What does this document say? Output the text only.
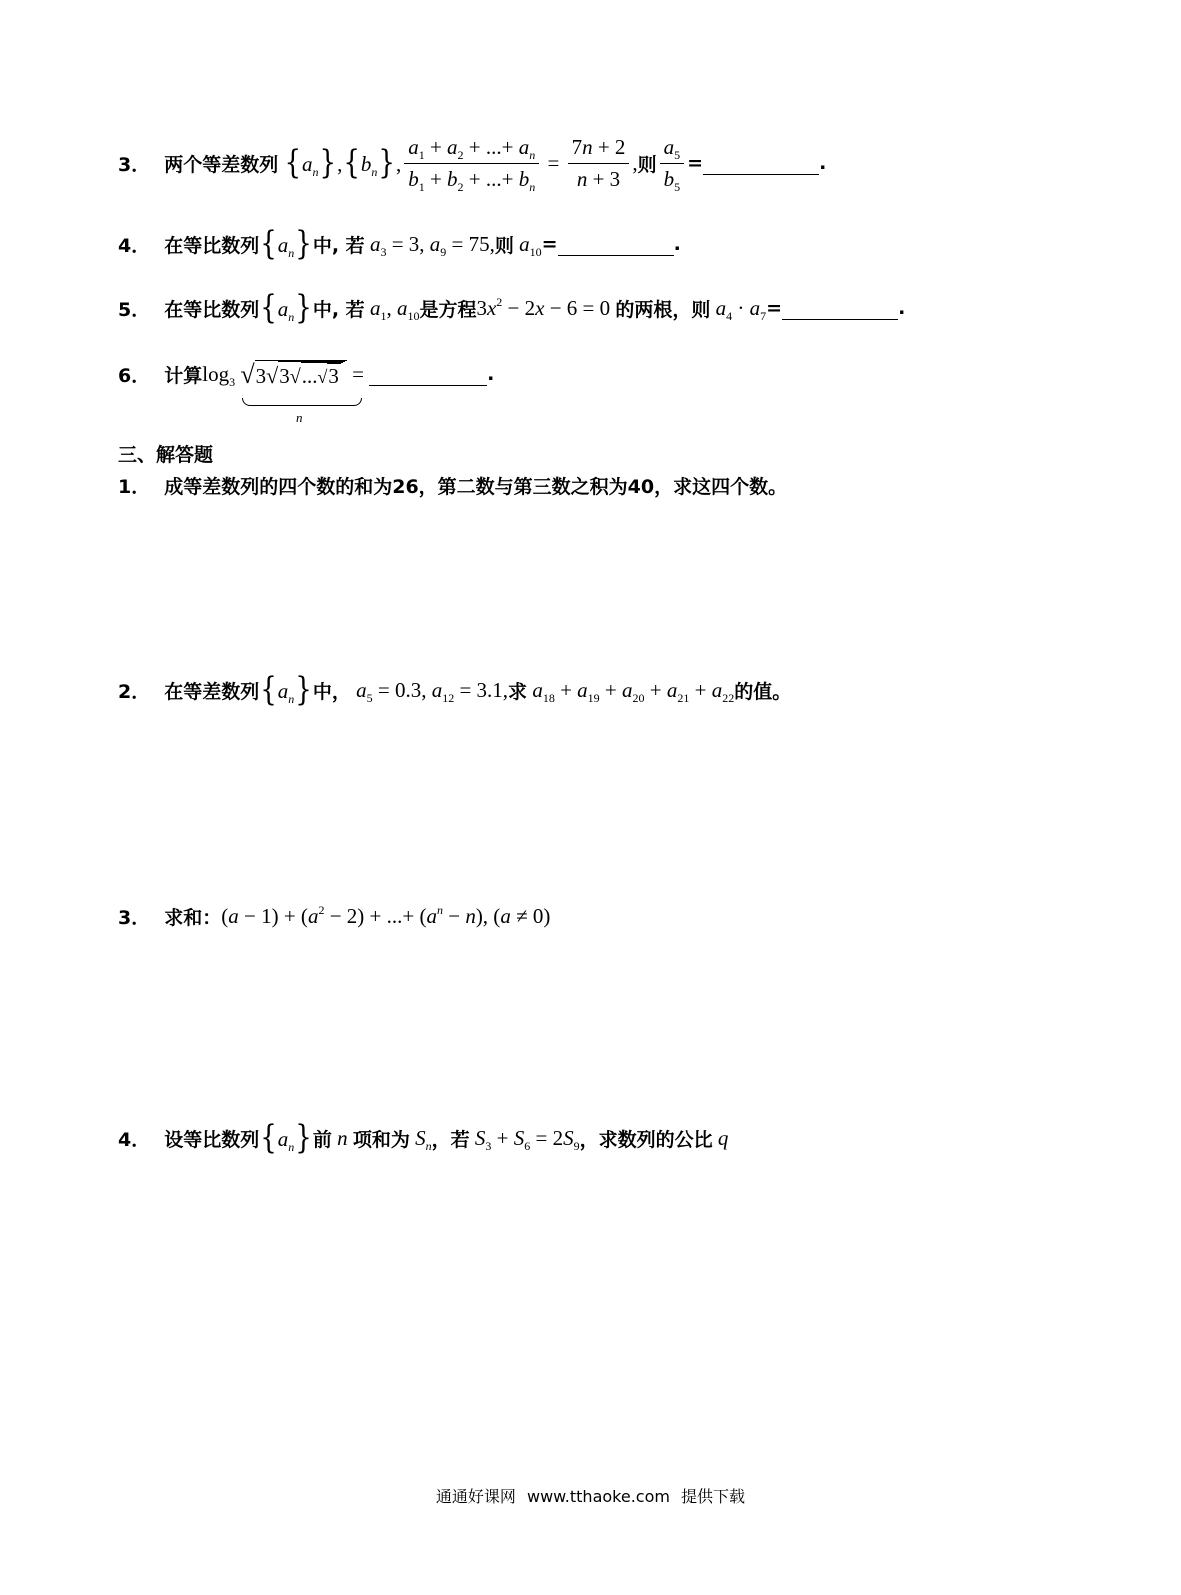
3． 两个等差数列 $\{a_n\},\{b_n\}$, $\frac{a_1 + a_2 + ...+ a_n}{b_1 + b_2 + ...+ b_n} = \frac{7n + 2}{n + 3}$ , 则 $\frac{a_5}{b_5}$ =	.
4． 在等比数列 $\{a_n\}$ 中, 若 $a_3 = 3$, $a_9 = 75$, 则 $a_{10}$ =	.
5． 在等比数列 $\{a_n\}$ 中, 若 $a_1$, $a_{10}$ 是方程 $3x^2 - 2x - 6 = 0$ 的两根，则 $a_4 \cdot a_7$ =	.
6． 计算 $\log_3 √3√3√...√3$ =	.
n
三、解答题
1． 成等差数列的四个数的和为26，第二数与第三数之积为40，求这四个数。
2． 在等差数列 $\{a_n\}$ 中， $a_5 = 0.3$, $a_{12} = 3.1$, 求 $a_{18} + a_{19} + a_{20} + a_{21} + a_{22}$ 的值。
3． 求和： $(a - 1) + (a^2 - 2)$ + ...+ $(a^n - n)$, (a ≠ 0)
4． 设等比数列 $\{a_n\}$ 前 n 项和为 $S_n$ ，若 $S_3 + S_6 = 2S_9$ ，求数列的公比 q
通通好课网 www.tthaoke.com 提供下载
